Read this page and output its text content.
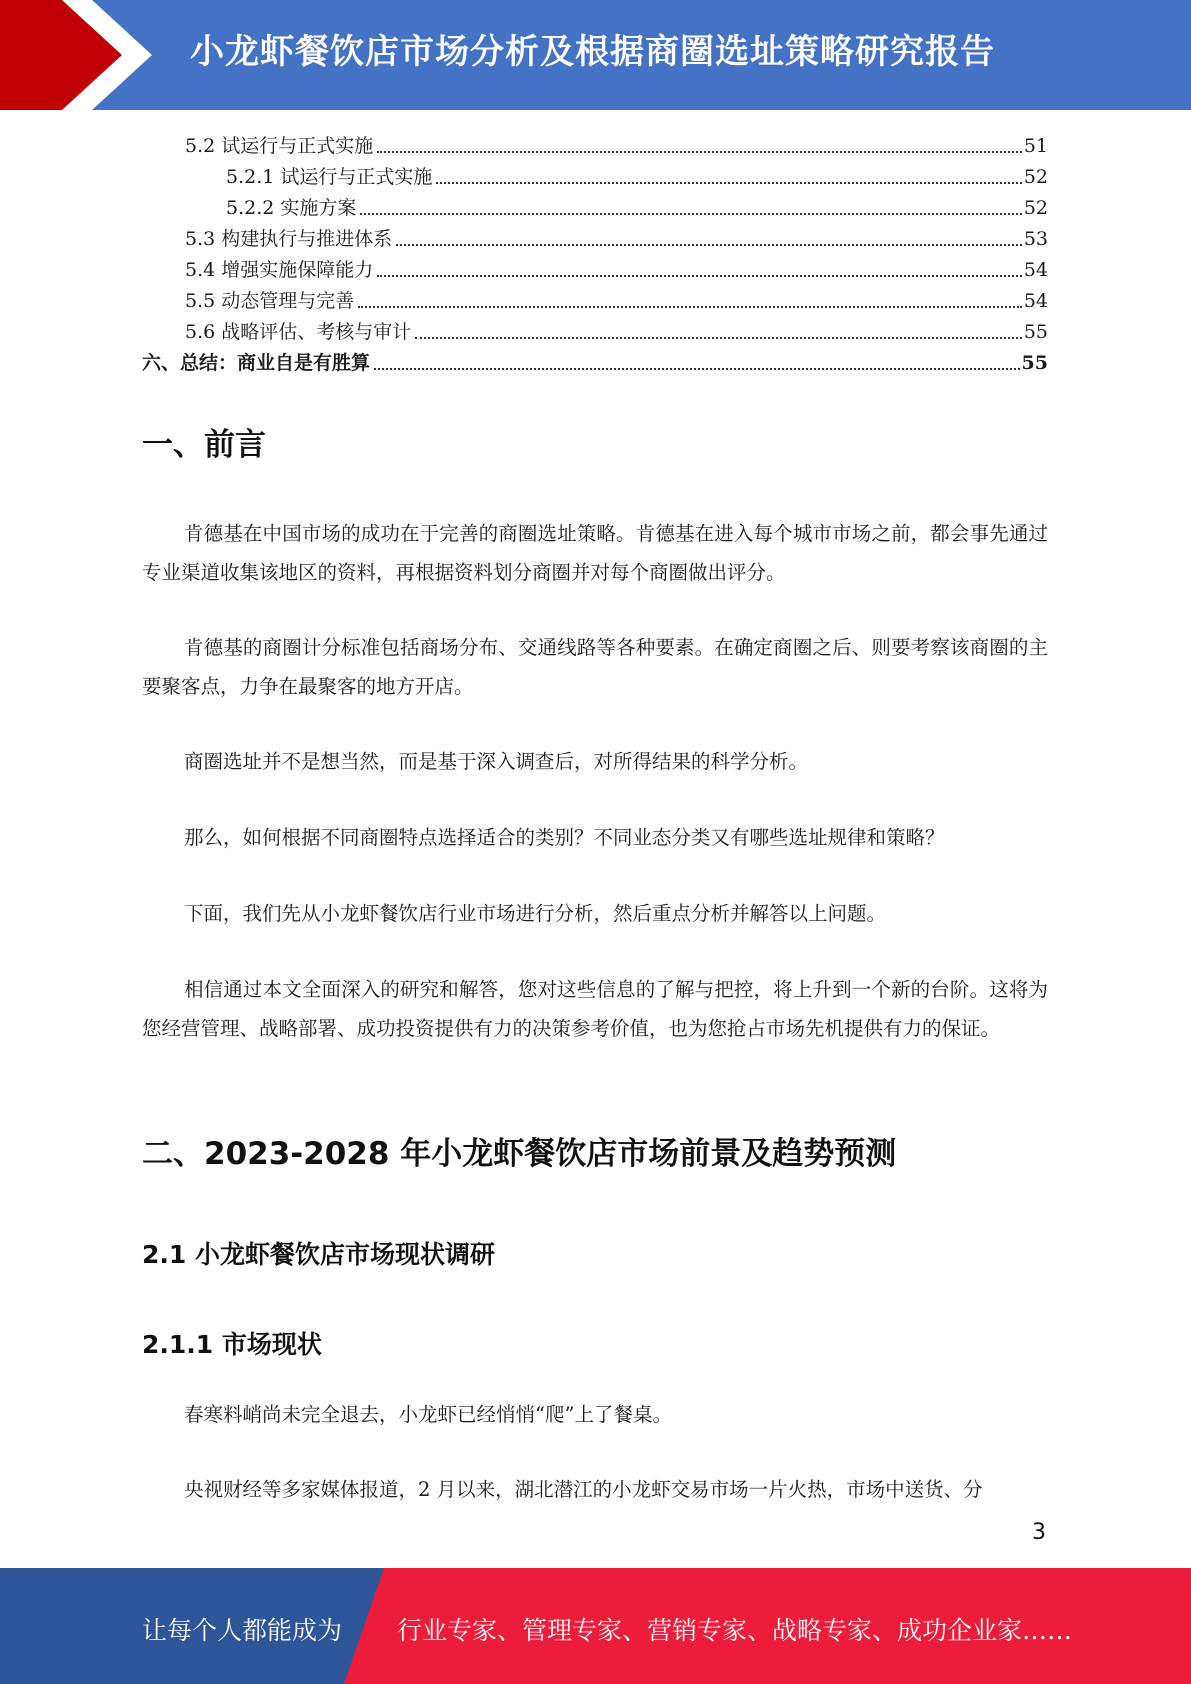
小龙虾餐饮店市场分析及根据商圈选址策略研究报告
5.2 试运行与正式实施	51
5.2.1 试运行与正式实施	52
5.2.2 实施方案	52
5.3 构建执行与推进体系	53
5.4 增强实施保障能力	54
5.5 动态管理与完善	54
5.6 战略评估、考核与审计	55
六、总结：商业自是有胜算	55
一、前言
肯德基在中国市场的成功在于完善的商圈选址策略。肯德基在进入每个城市市场之前，都会事先通过专业渠道收集该地区的资料，再根据资料划分商圈并对每个商圈做出评分。
肯德基的商圈计分标准包括商场分布、交通线路等各种要素。在确定商圈之后、则要考察该商圈的主要聚客点，力争在最聚客的地方开店。
商圈选址并不是想当然，而是基于深入调查后，对所得结果的科学分析。
那么，如何根据不同商圈特点选择适合的类别？不同业态分类又有哪些选址规律和策略？
下面，我们先从小龙虾餐饮店行业市场进行分析，然后重点分析并解答以上问题。
相信通过本文全面深入的研究和解答，您对这些信息的了解与把控，将上升到一个新的台阶。这将为您经营管理、战略部署、成功投资提供有力的决策参考价值，也为您抢占市场先机提供有力的保证。
二、2023-2028 年小龙虾餐饮店市场前景及趋势预测
2.1 小龙虾餐饮店市场现状调研
2.1.1 市场现状
春寒料峭尚未完全退去，小龙虾已经悄悄“爬”上了餐桌。
央视财经等多家媒体报道，2 月以来，湖北潜江的小龙虾交易市场一片火热，市场中送货、分
3
让每个人都能成为 行业专家、管理专家、营销专家、战略专家、成功企业家……
